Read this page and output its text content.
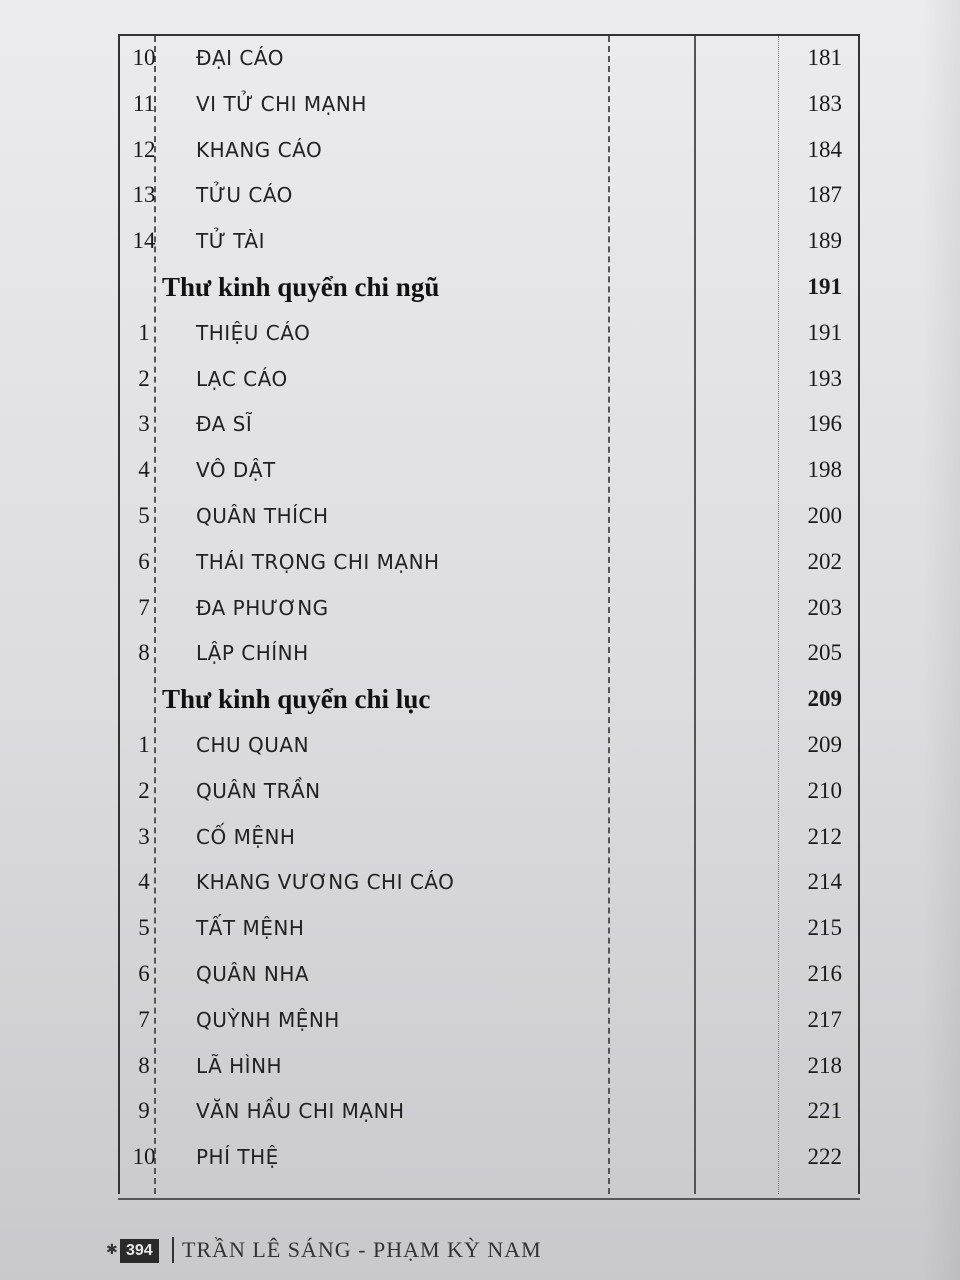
10	ĐẠI CÁO	181
11	VI TỬ CHI MẠNH	183
12	KHANG CÁO	184
13	TỬU CÁO	187
14	TỬ TÀI	189
Thư kinh quyển chi ngũ	191
1	THIỆU CÁO	191
2	LẠC CÁO	193
3	ĐA SĨ	196
4	VÔ DẬT	198
5	QUÂN THÍCH	200
6	THÁI TRỌNG CHI MẠNH	202
7	ĐA PHƯƠNG	203
8	LẬP CHÍNH	205
Thư kinh quyển chi lục	209
1	CHU QUAN	209
2	QUÂN TRẦN	210
3	CỐ MỆNH	212
4	KHANG VƯƠNG CHI CÁO	214
5	TẤT MỆNH	215
6	QUÂN NHA	216
7	QUỲNH MỆNH	217
8	LÃ HÌNH	218
9	VĂN HẦU CHI MẠNH	221
10	PHÍ THỆ	222
✱ 394	TRẦN LÊ SÁNG - PHẠM KỲ NAM
